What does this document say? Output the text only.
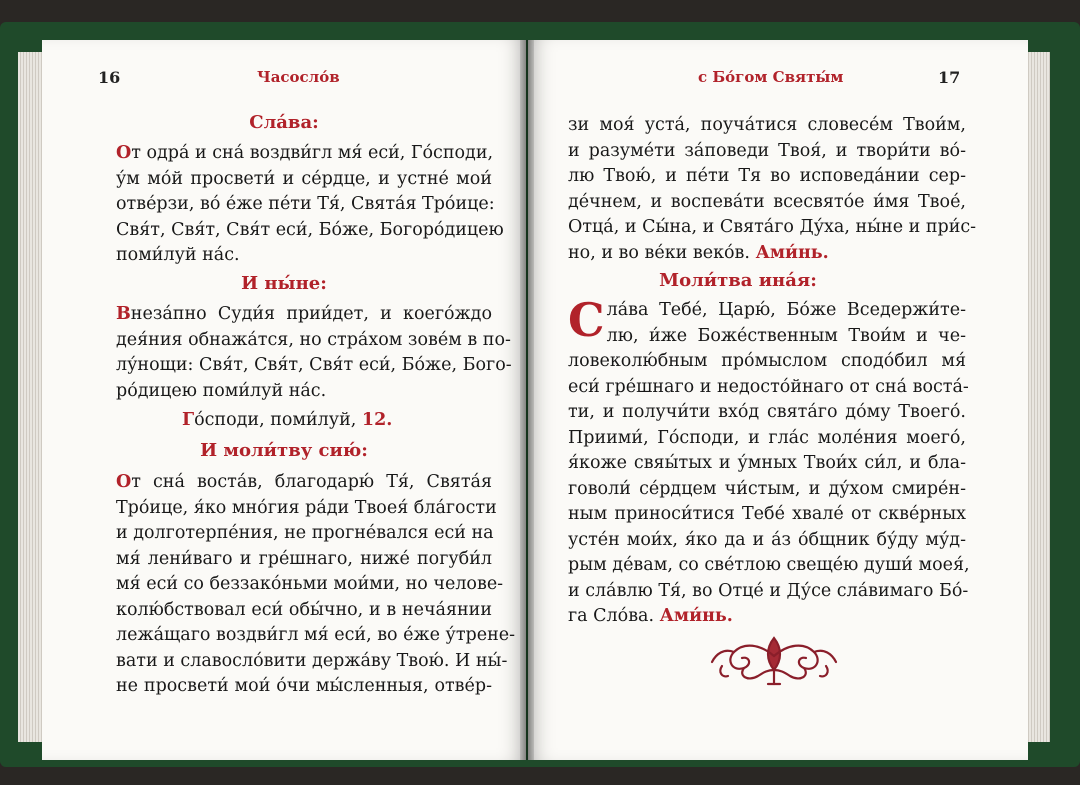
16	Часосло́в
Сла́ва:
От одра́ и сна́ воздви́гл мя́ еси́, Го́споди,
у́м мо́й просвети́ и се́рдце, и устне́ мои́
отве́рзи, во́ е́же пе́ти Тя́, Свята́я Тро́ице:
Свя́т, Свя́т, Свя́т еси́, Бо́же, Богоро́дицею
поми́луй на́с.
И ны́не:
Внеза́пно Суди́я прии́дет, и коего́ждо
дея́ния обнажа́тся, но стра́хом зове́м в по-
лу́нощи: Свя́т, Свя́т, Свя́т еси́, Бо́же, Бого-
ро́дицею поми́луй на́с.
Го́споди, поми́луй, 12.
И моли́тву сию́:
От сна́ воста́в, благодарю́ Тя́, Свята́я
Тро́ице, я́ко мно́гия ра́ди Твоея́ бла́гости
и долготерпе́ния, не прогне́вался еси́ на
мя́ лени́ваго и гре́шнаго, ниже́ погуби́л
мя́ еси́ со беззако́ньми мои́ми, но челове-
колю́бствовал еси́ обы́чно, и в неча́янии
лежа́щаго воздви́гл мя́ еси́, во е́же у́трене-
вати и славосло́вити держа́ву Твою́. И ны́-
не просвети́ мои́ о́чи мы́сленныя, отве́р-
с Бо́гом Святы́м	17
зи моя́ уста́, поуча́тися словесе́м Твои́м,
и разуме́ти за́поведи Твоя́, и твори́ти во́-
лю Твою́, и пе́ти Тя во исповеда́нии сер-
де́чнем, и воспева́ти всесвято́е и́мя Твое́,
Отца́, и Сы́на, и Свята́го Ду́ха, ны́не и при́с-
но, и во ве́ки веко́в. Ами́нь.
Моли́тва ина́я:
С ла́ва Тебе́, Царю́, Бо́же Вседержи́те-
лю, и́же Боже́ственным Твои́м и че-
ловеколю́бным про́мыслом сподо́бил мя́
еси́ гре́шнаго и недосто́йнаго от сна́ воста́-
ти, и получи́ти вхо́д свята́го до́му Твоего́.
Приими́, Го́споди, и гла́с моле́ния моего́,
я́коже свяы́тых и у́мных Твои́х си́л, и бла-
говоли́ се́рдцем чи́стым, и ду́хом смире́н-
ным приноси́тися Тебе́ хвале́ от скве́рных
усте́н мои́х, я́ко да и а́з о́бщник бу́ду му́д-
рым де́вам, со све́тлою свеще́ю души́ моея́,
и сла́влю Тя́, во Отце́ и Ду́се сла́вимаго Бо́-
га Сло́ва. Ами́нь.
